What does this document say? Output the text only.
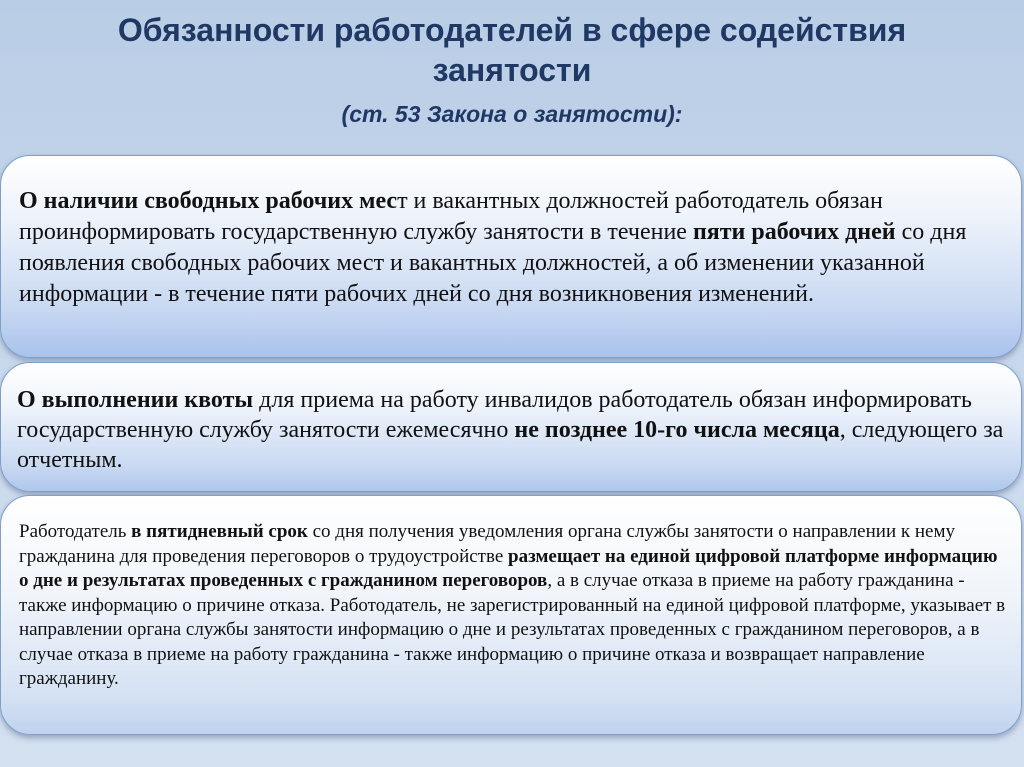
Обязанности работодателей в сфере содействия
занятости
(ст. 53 Закона о занятости):

О наличии свободных рабочих мест и вакантных должностей работодатель обязан проинформировать государственную службу занятости в течение пяти рабочих дней со дня появления свободных рабочих мест и вакантных должностей, а об изменении указанной информации - в течение пяти рабочих дней со дня возникновения изменений.

О выполнении квоты для приема на работу инвалидов работодатель обязан информировать государственную службу занятости ежемесячно не позднее 10-го числа месяца, следующего за отчетным.

Работодатель в пятидневный срок со дня получения уведомления органа службы занятости о направлении к нему гражданина для проведения переговоров о трудоустройстве размещает на единой цифровой платформе информацию о дне и результатах проведенных с гражданином переговоров, а в случае отказа в приеме на работу гражданина - также информацию о причине отказа. Работодатель, не зарегистрированный на единой цифровой платформе, указывает в направлении органа службы занятости информацию о дне и результатах проведенных с гражданином переговоров, а в случае отказа в приеме на работу гражданина - также информацию о причине отказа и возвращает направление гражданину.
